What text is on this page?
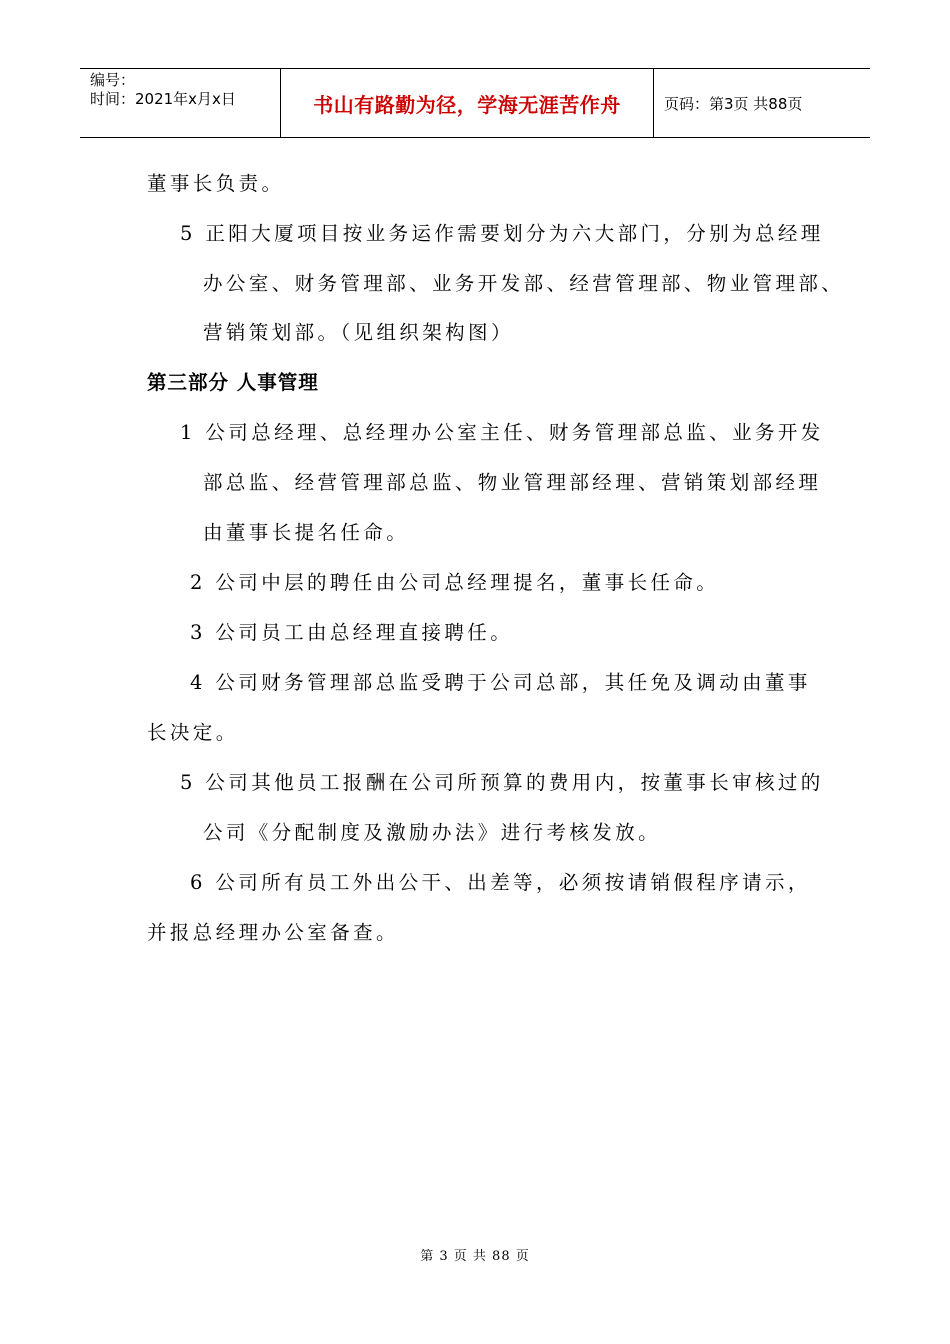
编号：
时间：2021年x月x日	书山有路勤为径，学海无涯苦作舟	页码：第3页 共88页
董事长负责。
5 正阳大厦项目按业务运作需要划分为六大部门，分别为总经理
办公室、财务管理部、业务开发部、经营管理部、物业管理部、
营销策划部。（见组织架构图）
第三部分 人事管理
1 公司总经理、总经理办公室主任、财务管理部总监、业务开发
部总监、经营管理部总监、物业管理部经理、营销策划部经理
由董事长提名任命。
2 公司中层的聘任由公司总经理提名，董事长任命。
3 公司员工由总经理直接聘任。
4 公司财务管理部总监受聘于公司总部，其任免及调动由董事
长决定。
5 公司其他员工报酬在公司所预算的费用内，按董事长审核过的
公司《分配制度及激励办法》进行考核发放。
6 公司所有员工外出公干、出差等，必须按请销假程序请示，
并报总经理办公室备查。
第 3 页 共 88 页
